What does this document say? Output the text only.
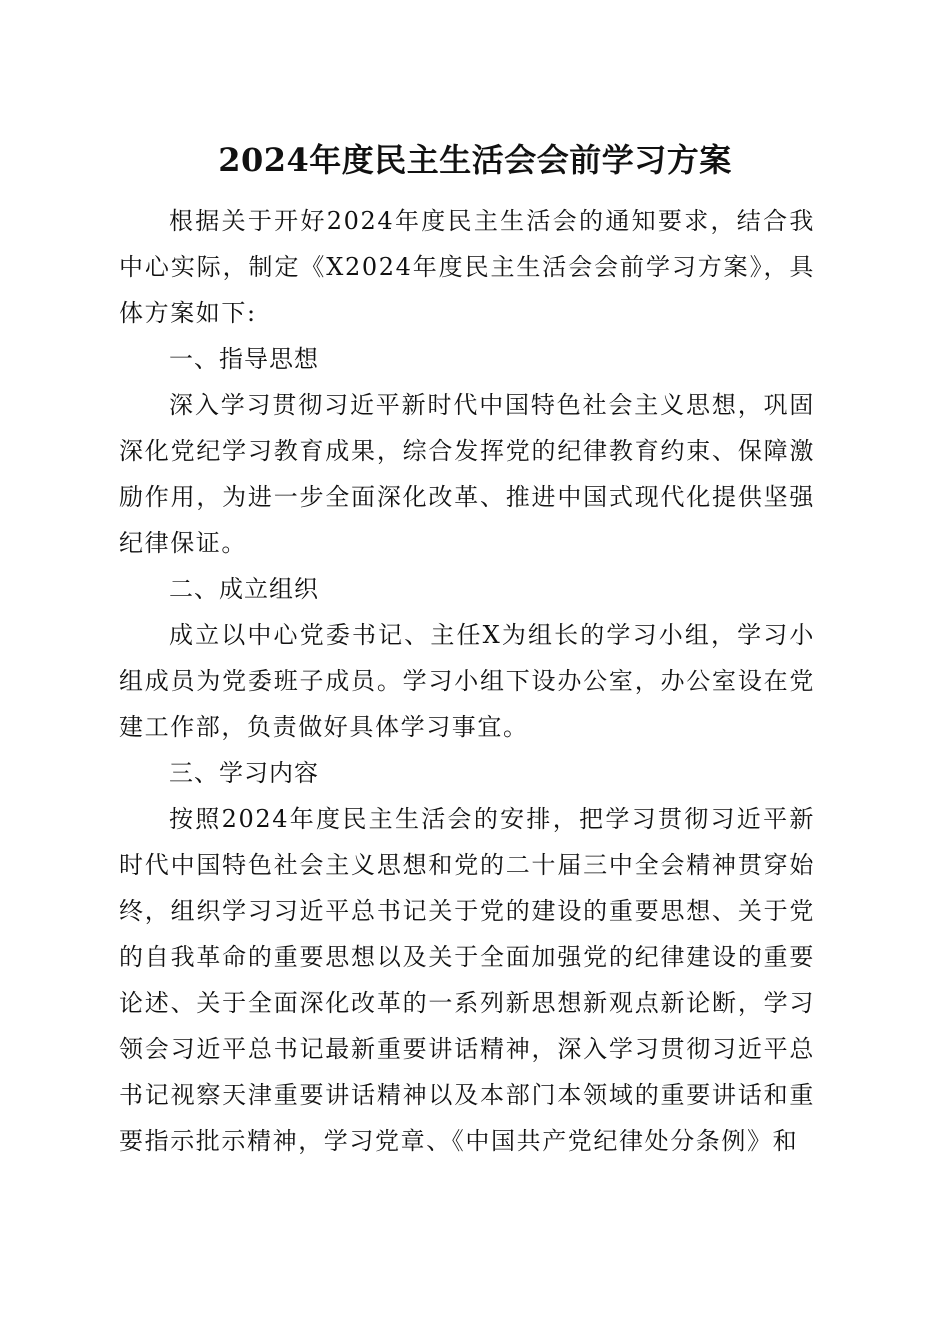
2024年度民主生活会会前学习方案

根据关于开好2024年度民主生活会的通知要求，结合我中心实际，制定《X2024年度民主生活会会前学习方案》，具体方案如下:

一、指导思想

深入学习贯彻习近平新时代中国特色社会主义思想，巩固深化党纪学习教育成果，综合发挥党的纪律教育约束、保障激励作用，为进一步全面深化改革、推进中国式现代化提供坚强纪律保证。

二、成立组织

成立以中心党委书记、主任X为组长的学习小组，学习小组成员为党委班子成员。学习小组下设办公室，办公室设在党建工作部，负责做好具体学习事宜。

三、学习内容

按照2024年度民主生活会的安排，把学习贯彻习近平新时代中国特色社会主义思想和党的二十届三中全会精神贯穿始终，组织学习习近平总书记关于党的建设的重要思想、关于党的自我革命的重要思想以及关于全面加强党的纪律建设的重要论述、关于全面深化改革的一系列新思想新观点新论断，学习领会习近平总书记最新重要讲话精神，深入学习贯彻习近平总书记视察天津重要讲话精神以及本部门本领域的重要讲话和重要指示批示精神，学习党章、《中国共产党纪律处分条例》和
